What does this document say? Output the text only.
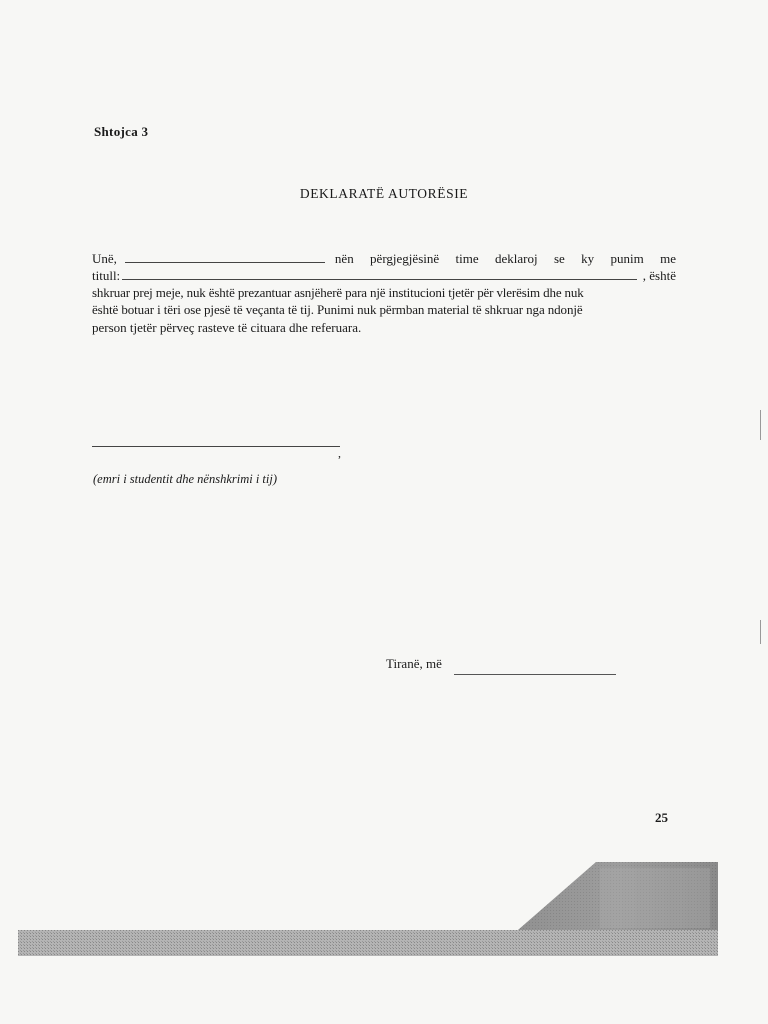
Shtojca 3
DEKLARATË AUTORËSIE
Unë,	nën përgjegjësinë time deklaroj se ky punim me
titull:	, është
shkruar prej meje, nuk është prezantuar asnjëherë para një institucioni tjetër për vlerësim dhe nuk
është botuar i tëri ose pjesë të veçanta të tij. Punimi nuk përmban material të shkruar nga ndonjë
person tjetër përveç rasteve të cituara dhe referuara.
,
(emri i studentit dhe nënshkrimi i tij)
Tiranë, më
25
